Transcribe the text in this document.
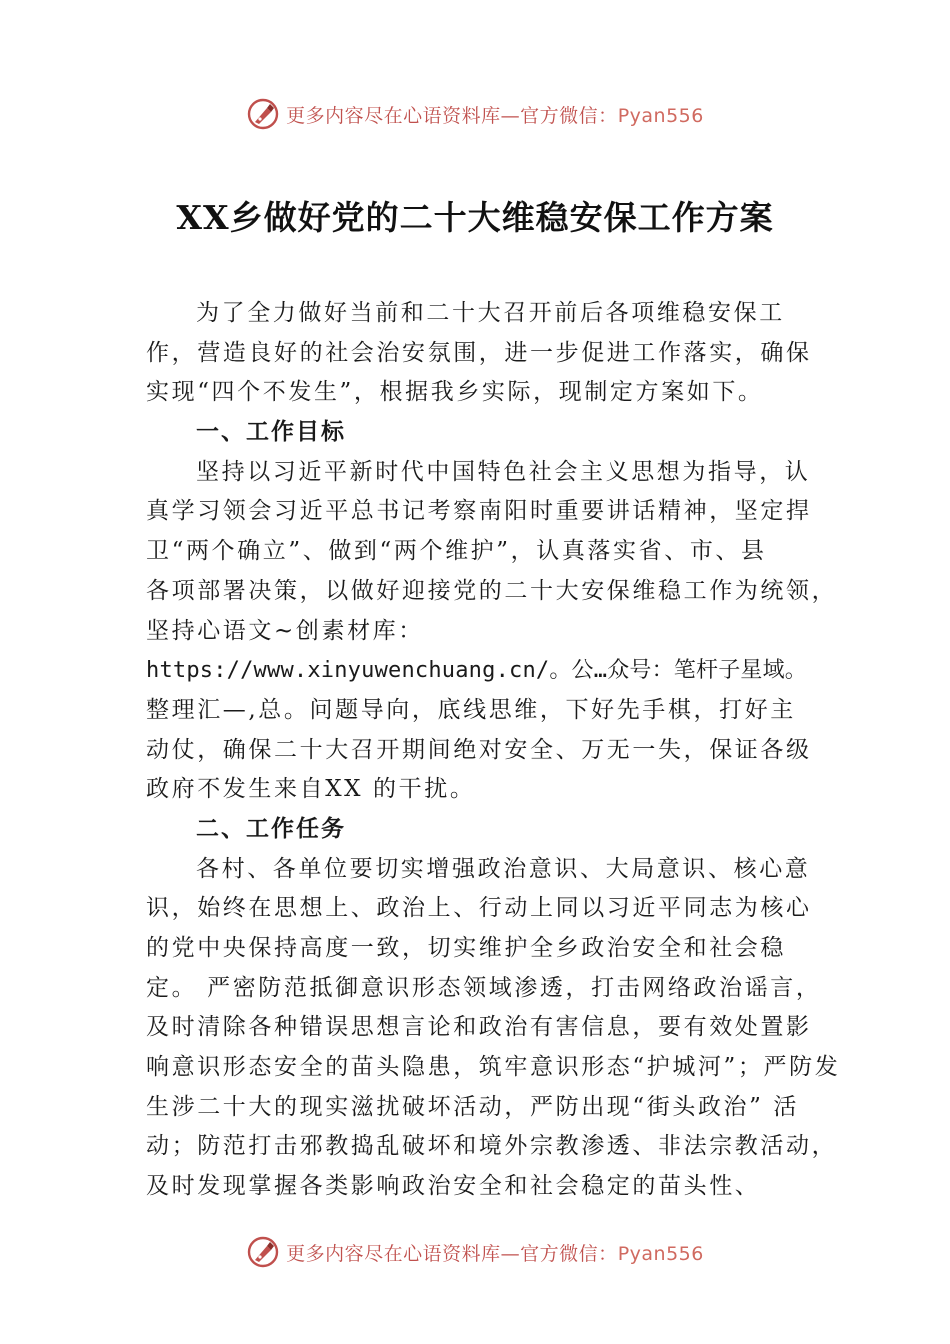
更多内容尽在心语资料库—官方微信：Pyan556
XX乡做好党的二十大维稳安保工作方案
为了全力做好当前和二十大召开前后各项维稳安保工
作，营造良好的社会治安氛围，进一步促进工作落实，确保
实现“四个不发生”，根据我乡实际，现制定方案如下。
一、工作目标
坚持以习近平新时代中国特色社会主义思想为指导，认
真学习领会习近平总书记考察南阳时重要讲话精神，坚定捍
卫“两个确立”、做到“两个维护”，认真落实省、市、县
各项部署决策，以做好迎接党的二十大安保维稳工作为统领，
坚持心语文~创素材库：
https://www.xinyuwenchuang.cn/。公…众号：笔杆子星域。
整理汇—,总。问题导向，底线思维，下好先手棋，打好主
动仗，确保二十大召开期间绝对安全、万无一失，保证各级
政府不发生来自XX 的干扰。
二、工作任务
各村、各单位要切实增强政治意识、大局意识、核心意
识，始终在思想上、政治上、行动上同以习近平同志为核心
的党中央保持高度一致，切实维护全乡政治安全和社会稳
定。 严密防范抵御意识形态领域渗透，打击网络政治谣言，
及时清除各种错误思想言论和政治有害信息，要有效处置影
响意识形态安全的苗头隐患，筑牢意识形态“护城河”；严防发
生涉二十大的现实滋扰破坏活动，严防出现“街头政治” 活
动；防范打击邪教捣乱破坏和境外宗教渗透、非法宗教活动，
及时发现掌握各类影响政治安全和社会稳定的苗头性、
更多内容尽在心语资料库—官方微信：Pyan556
